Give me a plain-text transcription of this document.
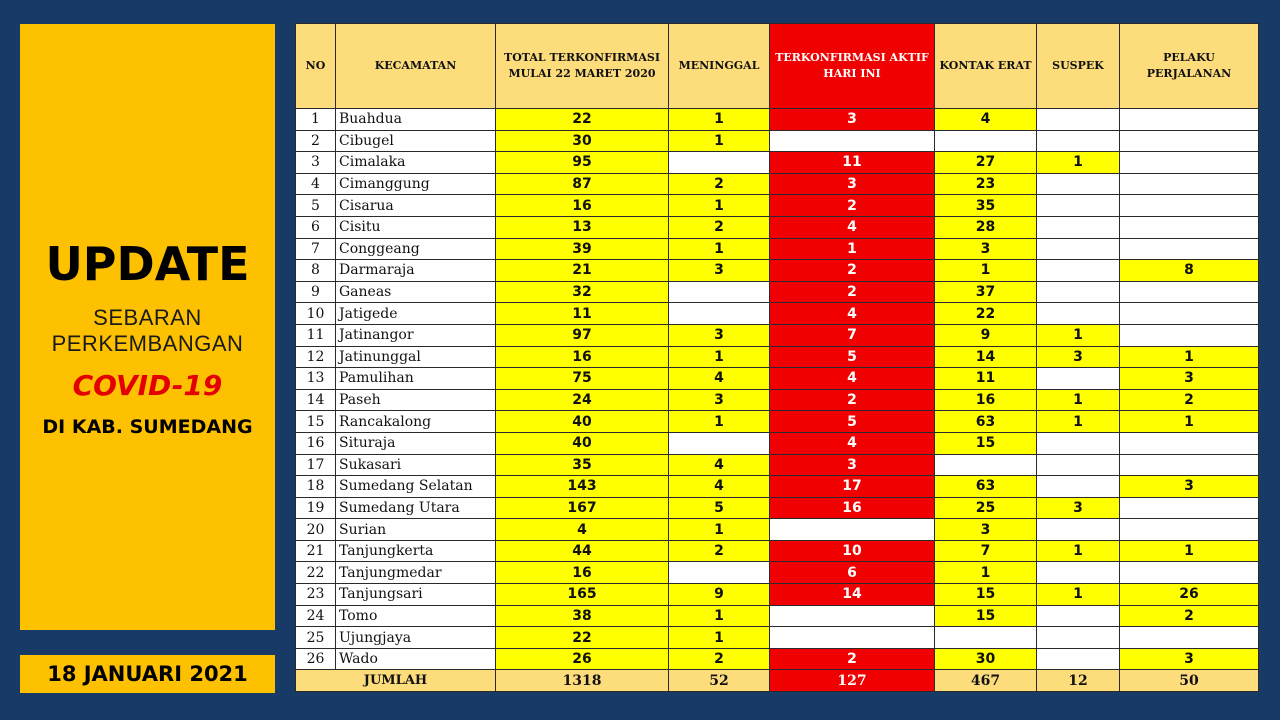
UPDATE
SEBARAN
PERKEMBANGAN
COVID-19
DI KAB. SUMEDANG
18 JANUARI 2021
NO	KECAMATAN	TOTAL TERKONFIRMASI MULAI 22 MARET 2020	MENINGGAL	TERKONFIRMASI AKTIF HARI INI	KONTAK ERAT	SUSPEK	PELAKU PERJALANAN
1	Buahdua	22	1	3	4		
2	Cibugel	30	1				
3	Cimalaka	95		11	27	1	
4	Cimanggung	87	2	3	23		
5	Cisarua	16	1	2	35		
6	Cisitu	13	2	4	28		
7	Conggeang	39	1	1	3		
8	Darmaraja	21	3	2	1		8
9	Ganeas	32		2	37		
10	Jatigede	11		4	22		
11	Jatinangor	97	3	7	9	1	
12	Jatinunggal	16	1	5	14	3	1
13	Pamulihan	75	4	4	11		3
14	Paseh	24	3	2	16	1	2
15	Rancakalong	40	1	5	63	1	1
16	Situraja	40		4	15		
17	Sukasari	35	4	3			
18	Sumedang Selatan	143	4	17	63		3
19	Sumedang Utara	167	5	16	25	3	
20	Surian	4	1		3		
21	Tanjungkerta	44	2	10	7	1	1
22	Tanjungmedar	16		6	1		
23	Tanjungsari	165	9	14	15	1	26
24	Tomo	38	1		15		2
25	Ujungjaya	22	1				
26	Wado	26	2	2	30		3
JUMLAH		1318	52	127	467	12	50
